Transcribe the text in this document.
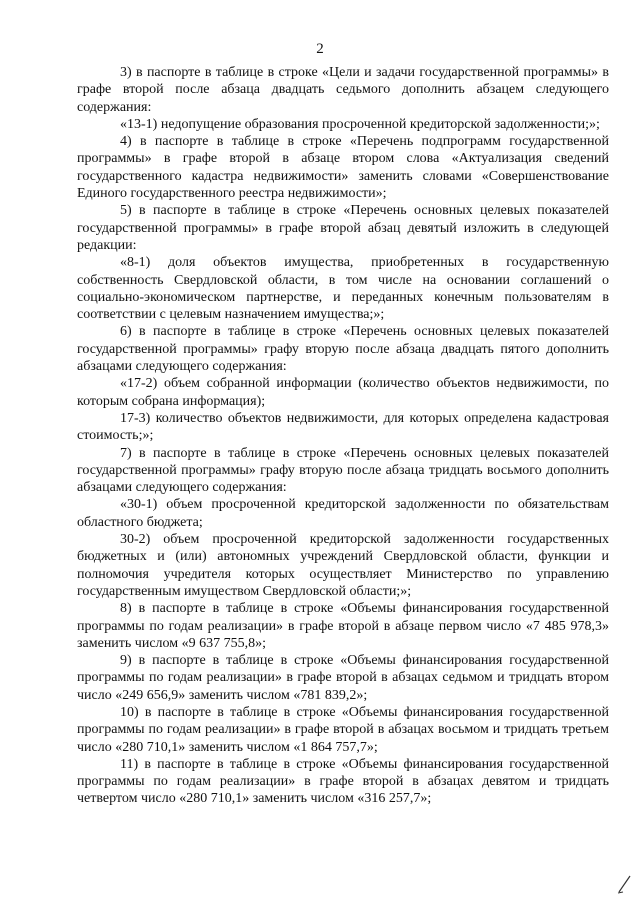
2

3) в паспорте в таблице в строке «Цели и задачи государственной программы» в графе второй после абзаца двадцать седьмого дополнить абзацем следующего содержания:

«13-1) недопущение образования просроченной кредиторской задолженности;»;

4) в паспорте в таблице в строке «Перечень подпрограмм государственной программы» в графе второй в абзаце втором слова «Актуализация сведений государственного кадастра недвижимости» заменить словами «Совершенствование Единого государственного реестра недвижимости»;

5) в паспорте в таблице в строке «Перечень основных целевых показателей государственной программы» в графе второй абзац девятый изложить в следующей редакции:

«8-1) доля объектов имущества, приобретенных в государственную собственность Свердловской области, в том числе на основании соглашений о социально-экономическом партнерстве, и переданных конечным пользователям в соответствии с целевым назначением имущества;»;

6) в паспорте в таблице в строке «Перечень основных целевых показателей государственной программы» графу вторую после абзаца двадцать пятого дополнить абзацами следующего содержания:

«17-2) объем собранной информации (количество объектов недвижимости, по которым собрана информация);

17-3) количество объектов недвижимости, для которых определена кадастровая стоимость;»;

7) в паспорте в таблице в строке «Перечень основных целевых показателей государственной программы» графу вторую после абзаца тридцать восьмого дополнить абзацами следующего содержания:

«30-1) объем просроченной кредиторской задолженности по обязательствам областного бюджета;

30-2) объем просроченной кредиторской задолженности государственных бюджетных и (или) автономных учреждений Свердловской области, функции и полномочия учредителя которых осуществляет Министерство по управлению государственным имуществом Свердловской области;»;

8) в паспорте в таблице в строке «Объемы финансирования государственной программы по годам реализации» в графе второй в абзаце первом число «7 485 978,3» заменить числом «9 637 755,8»;

9) в паспорте в таблице в строке «Объемы финансирования государственной программы по годам реализации» в графе второй в абзацах седьмом и тридцать втором число «249 656,9» заменить числом «781 839,2»;

10) в паспорте в таблице в строке «Объемы финансирования государственной программы по годам реализации» в графе второй в абзацах восьмом и тридцать третьем число «280 710,1» заменить числом «1 864 757,7»;

11) в паспорте в таблице в строке «Объемы финансирования государственной программы по годам реализации» в графе второй в абзацах девятом и тридцать четвертом число «280 710,1» заменить числом «316 257,7»;
